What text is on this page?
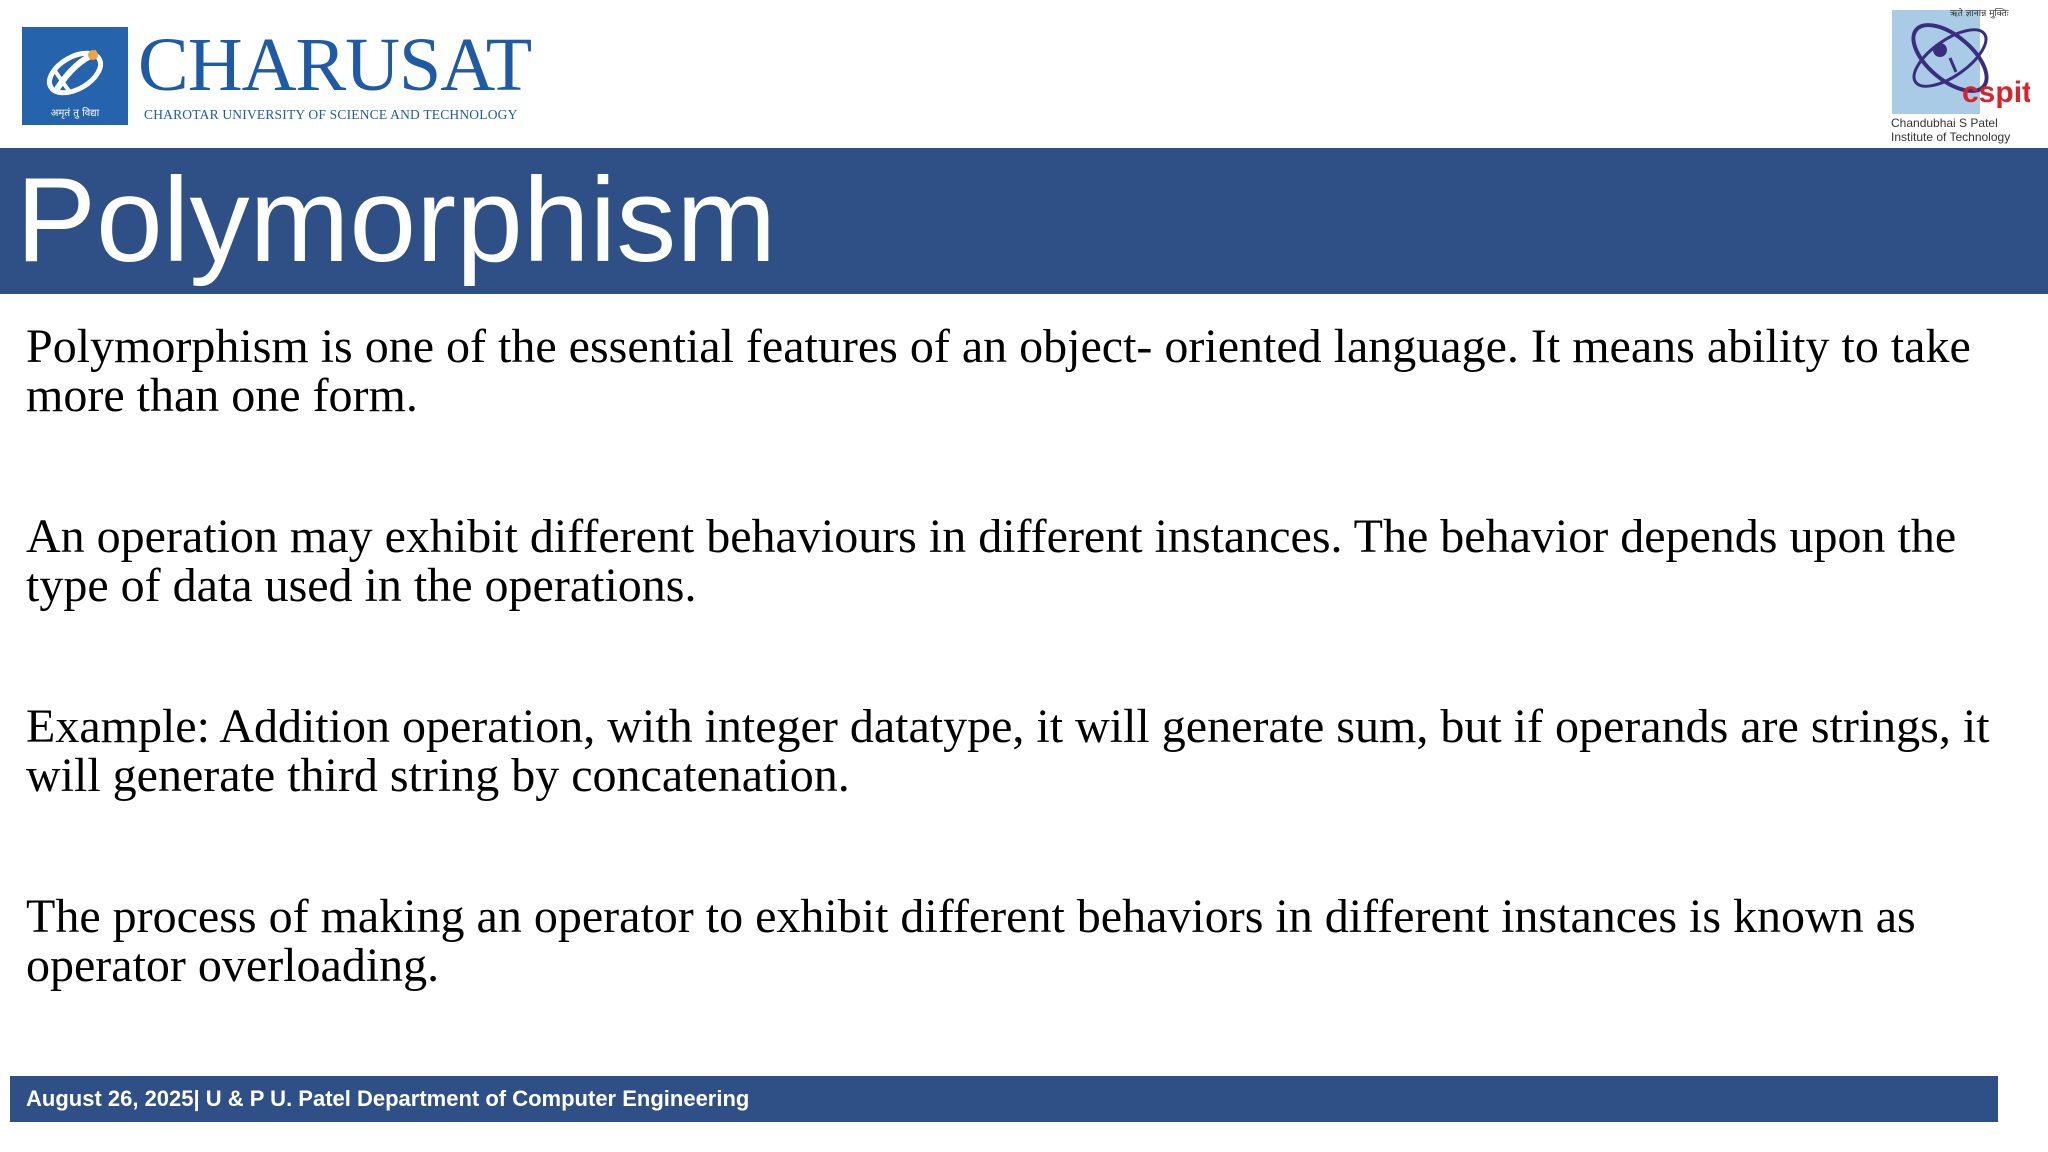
अमृतं तु विद्या
CHARUSAT
CHAROTAR UNIVERSITY OF SCIENCE AND TECHNOLOGY
cspit
ऋते ज्ञानान्न मुक्तिः
Chandubhai S Patel
Institute of Technology
Polymorphism

Polymorphism is one of the essential features of an object- oriented language. It means ability to take more than one form.

An operation may exhibit different behaviours in different instances. The behavior depends upon the type of data used in the operations.

Example: Addition operation, with integer datatype, it will generate sum, but if operands are strings, it will generate third string by concatenation.

The process of making an operator to exhibit different behaviors in different instances is known as operator overloading.

August 26, 2025 | U & P U. Patel Department of Computer Engineering
